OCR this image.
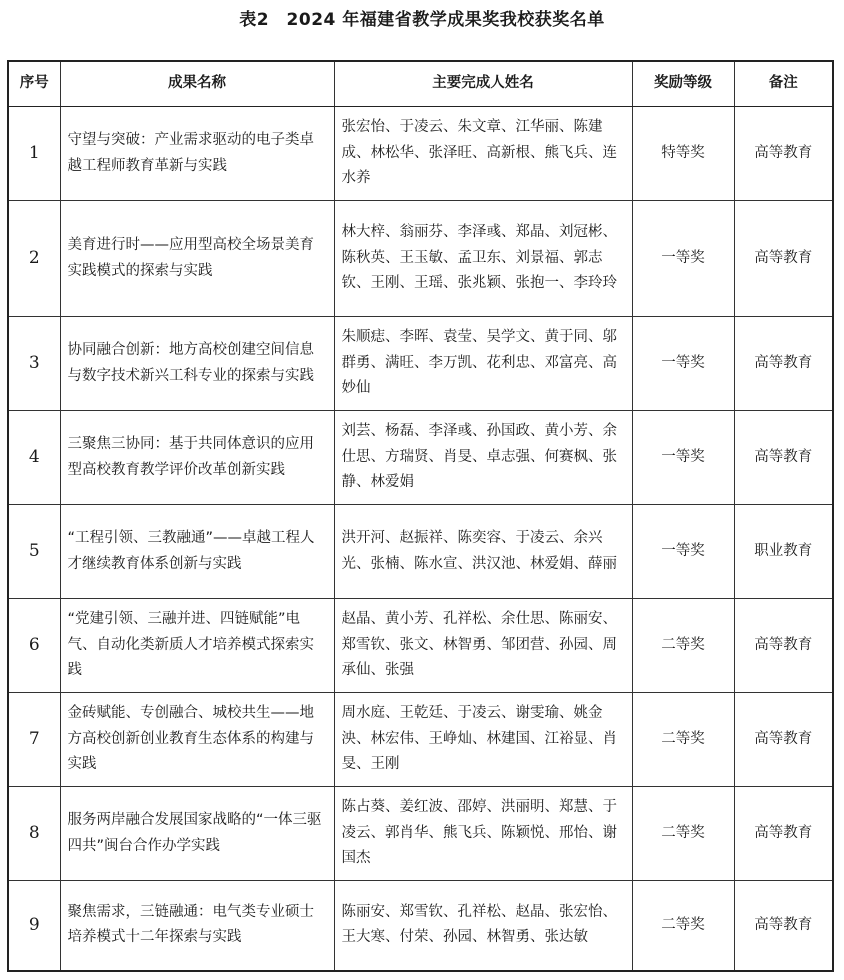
表2　2024 年福建省教学成果奖我校获奖名单
序号	成果名称	主要完成人姓名	奖励等级	备注
1	守望与突破：产业需求驱动的电子类卓越工程师教育革新与实践	张宏怡、于凌云、朱文章、江华丽、陈建成、林松华、张泽旺、高新根、熊飞兵、连水养	特等奖	高等教育
2	美育进行时——应用型高校全场景美育实践模式的探索与实践	林大梓、翁丽芬、李泽彧、郑晶、刘冠彬、陈秋英、王玉敏、孟卫东、刘景福、郭志钦、王刚、王瑶、张兆颖、张抱一、李玲玲	一等奖	高等教育
3	协同融合创新：地方高校创建空间信息与数字技术新兴工科专业的探索与实践	朱顺痣、李晖、袁莹、吴学文、黄于同、邬群勇、满旺、李万凯、花利忠、邓富亮、高妙仙	一等奖	高等教育
4	三聚焦三协同：基于共同体意识的应用型高校教育教学评价改革创新实践	刘芸、杨磊、李泽彧、孙国政、黄小芳、余仕思、方瑞贤、肖旻、卓志强、何赛枫、张静、林爱娟	一等奖	高等教育
5	“工程引领、三教融通”——卓越工程人才继续教育体系创新与实践	洪开河、赵振祥、陈奕容、于凌云、余兴光、张楠、陈水宣、洪汉池、林爱娟、薛丽	一等奖	职业教育
6	“党建引领、三融并进、四链赋能”电气、自动化类新质人才培养模式探索实践	赵晶、黄小芳、孔祥松、余仕思、陈丽安、郑雪钦、张文、林智勇、邹团营、孙园、周承仙、张强	二等奖	高等教育
7	金砖赋能、专创融合、城校共生——地方高校创新创业教育生态体系的构建与实践	周水庭、王乾廷、于凌云、谢雯瑜、姚金泱、林宏伟、王峥灿、林建国、江裕显、肖旻、王刚	二等奖	高等教育
8	服务两岸融合发展国家战略的“一体三驱四共”闽台合作办学实践	陈占葵、姜红波、邵婷、洪丽明、郑慧、于凌云、郭肖华、熊飞兵、陈颖悦、邢怡、谢国杰	二等奖	高等教育
9	聚焦需求，三链融通：电气类专业硕士
培养模式十二年探索与实践	陈丽安、郑雪钦、孔祥松、赵晶、张宏怡、王大寒、付荣、孙园、林智勇、张达敏	二等奖	高等教育
